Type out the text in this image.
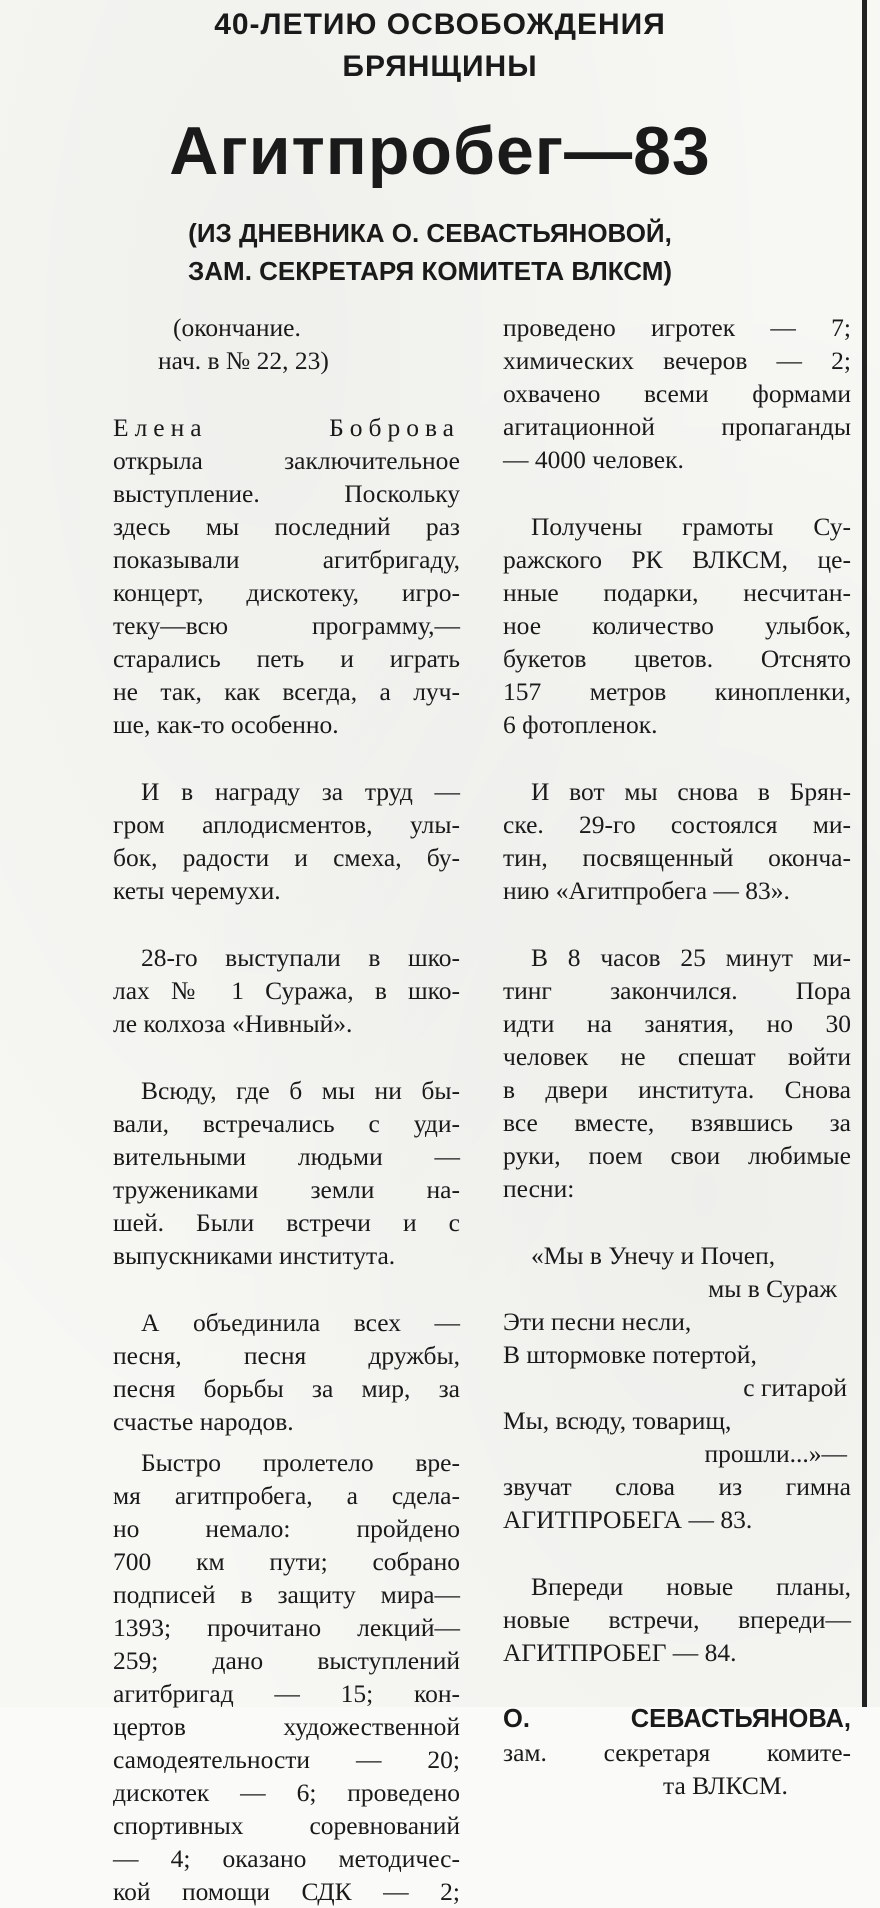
40-ЛЕТИЮ ОСВОБОЖДЕНИЯ
БРЯНЩИНЫ
Агитпробег—83
(ИЗ ДНЕВНИКА О. СЕВАСТЬЯНОВОЙ,
ЗАМ. СЕКРЕТАРЯ КОМИТЕТА ВЛКСМ)

(окончание.

нач. в № 22, 23)

Елена Боброва

открыла заключительное

выступление. Поскольку

здесь мы последний раз

показывали агитбригаду,

концерт, дискотеку, игро-

теку—всю программу,—

старались петь и играть

не так, как всегда, а луч-

ше, как-то особенно.

И в награду за труд —

гром аплодисментов, улы-

бок, радости и смеха, бу-

кеты черемухи.

28-го выступали в шко-

лах № 1 Суража, в шко-

ле колхоза «Нивный».

Всюду, где б мы ни бы-

вали, встречались с уди-

вительными людьми —

тружениками земли на-

шей. Были встречи и с

выпускниками института.

А объединила всех —

песня, песня дружбы,

песня борьбы за мир, за

счастье народов.

Быстро пролетело вре-

мя агитпробега, а сдела-

но немало: пройдено

700 км пути; собрано

подписей в защиту мира—

1393; прочитано лекций—

259; дано выступлений

агитбригад — 15; кон-

цертов художественной

самодеятельности — 20;

дискотек — 6; проведено

спортивных соревнований

— 4; оказано методичес-

кой помощи СДК — 2;

проведено игротек — 7;

химических вечеров — 2;

охвачено всеми формами

агитационной пропаганды

— 4000 человек.

Получены грамоты Су-

ражского РК ВЛКСМ, це-

нные подарки, несчитан-

ное количество улыбок,

букетов цветов. Отснято

157 метров кинопленки,

6 фотопленок.

И вот мы снова в Брян-

ске. 29-го состоялся ми-

тин, посвященный оконча-

нию «Агитпробега — 83».

В 8 часов 25 минут ми-

тинг закончился. Пора

идти на занятия, но 30

человек не спешат войти

в двери института. Снова

все вместе, взявшись за

руки, поем свои любимые

песни:

«Мы в Унечу и Почеп,

мы в Сураж

Эти песни несли,

В штормовке потертой,

с гитарой

Мы, всюду, товарищ,

прошли...»—

звучат слова из гимна

АГИТПРОБЕГА — 83.

Впереди новые планы,

новые встречи, впереди—

АГИТПРОБЕГ — 84.

О. СЕВАСТЬЯНОВА,

зам. секретаря комите-

та ВЛКСМ.
